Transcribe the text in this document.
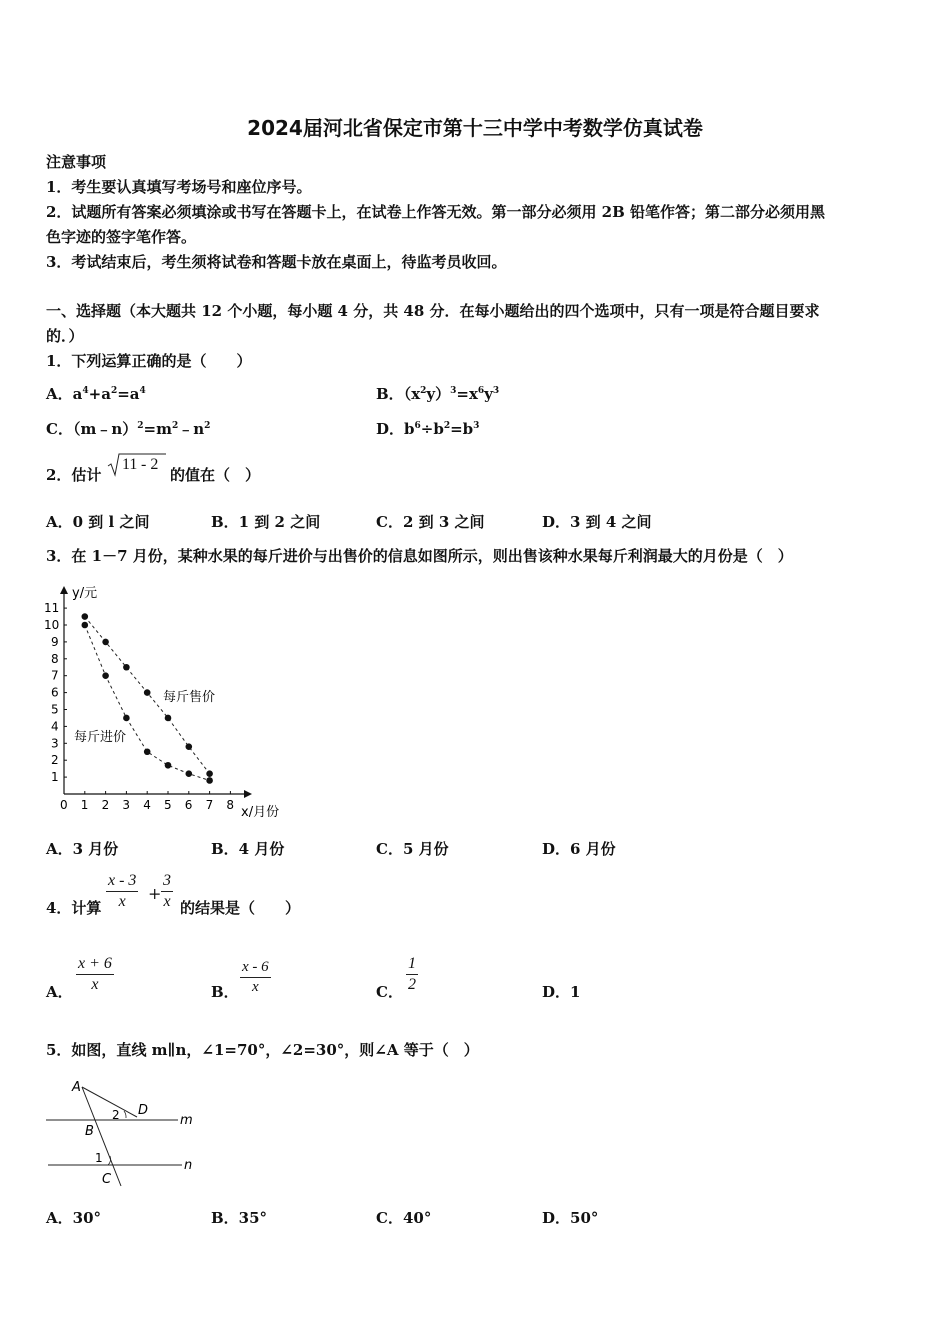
2024届河北省保定市第十三中学中考数学仿真试卷
注意事项
1．考生要认真填写考场号和座位序号。
2．试题所有答案必须填涂或书写在答题卡上，在试卷上作答无效。第一部分必须用 2B 铅笔作答；第二部分必须用黑
色字迹的签字笔作答。
3．考试结束后，考生须将试卷和答题卡放在桌面上，待监考员收回。
一、选择题（本大题共 12 个小题，每小题 4 分，共 48 分．在每小题给出的四个选项中，只有一项是符合题目要求
的．）
1．下列运算正确的是（　　）
A．$a^4+a^2=a^4$	B．$(x^2y)^3=x^6y^3$
C．$(m﹣n)^2=m^2﹣n^2$	D．$b^6\div b^2=b^3$
2．估计
11 - 2
的值在（　）
A．0 到 l 之间	B．1 到 2 之间	C．2 到 3 之间	D．3 到 4 之间
3．在 1－7 月份，某种水果的每斤进价与出售价的信息如图所示，则出售该种水果每斤利润最大的月份是（　）
y/元
x/月份
0 1 2 3 4 5 6 7 8
1
2
3
4
5
6
7
8
9
10
11
每斤售价
每斤进价
A．3 月份	B．4 月份	C．5 月份	D．6 月份
4．计算 $\frac{x - 3}{x} + \frac{3}{x}$ 的结果是（　　）
A． $\frac{x + 6}{x}$	B． $\frac{x - 6}{x}$	C． $\frac{1}{2}$	D．1
5．如图，直线 m∥n，∠1=70°，∠2=30°，则∠A 等于（　）
A
B
C
D
m
n
1
2
A．30°	B．35°	C．40°	D．50°
